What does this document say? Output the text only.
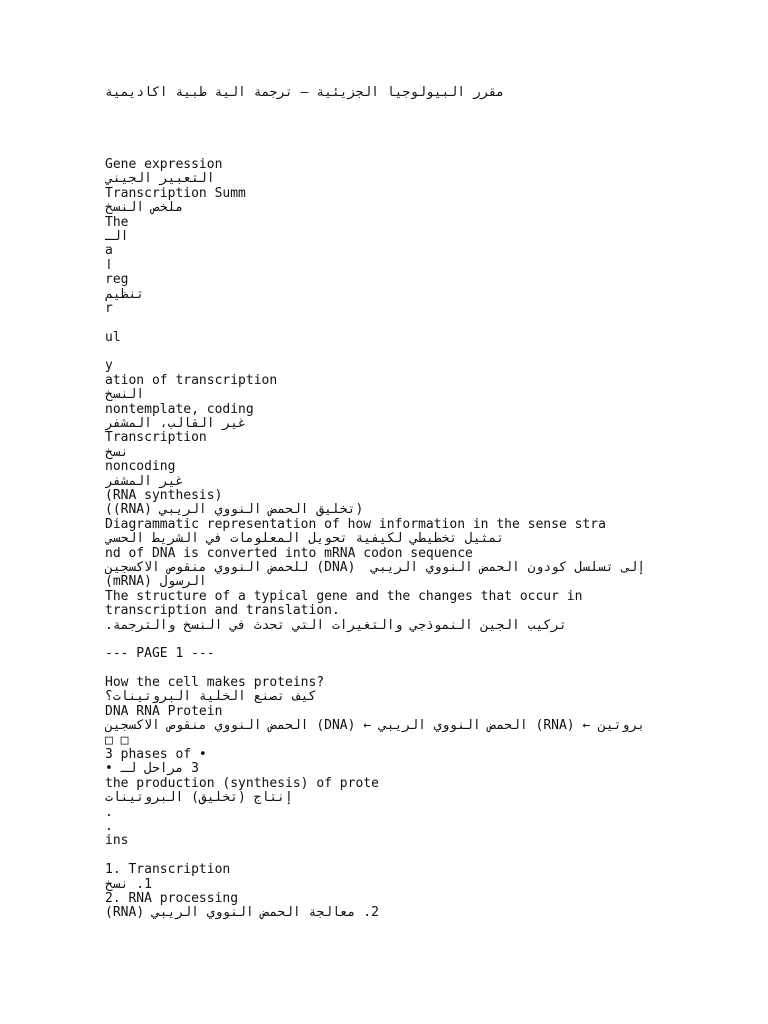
مقرر البيولوجيا الجزيئية – ترجمة آلية طبية أكاديمية
Gene expression
التعبير الجيني
Transcription Summ
ملخص النسخ
The
الـ
a
أ
reg
تنظيم
r
ul
y
ation of transcription
النسخ
nontemplate, coding
غير القالب، المشفر
Transcription
نسخ
noncoding
غير المشفر
(RNA synthesis)
(تخليق الحمض النووي الريبي (RNA))
Diagrammatic representation of how information in the sense stra
تمثيل تخطيطي لكيفية تحويل المعلومات في الشريط الحسي
nd of DNA is converted into mRNA codon sequence
إلى تسلسل كودون الحمض النووي الريبي  (DNA) للحمض النووي منقوص الأكسجين
الرسول (mRNA)
The structure of a typical gene and the changes that occur in
transcription and translation.
تركيب الجين النموذجي والتغيرات التي تحدث في النسخ والترجمة.
--- PAGE 1 ---
How the cell makes proteins?
كيف تصنع الخلية البروتينات؟
DNA RNA Protein
بروتين ← (RNA) الحمض النووي الريبي ← (DNA) الحمض النووي منقوص الأكسجين
□ □
3 phases of •
3 مراحل لـ •
the production (synthesis) of prote
إنتاج (تخليق) البروتينات
.
.
ins
1. Transcription
1. نسخ
2. RNA processing
2. معالجة الحمض النووي الريبي (RNA)
